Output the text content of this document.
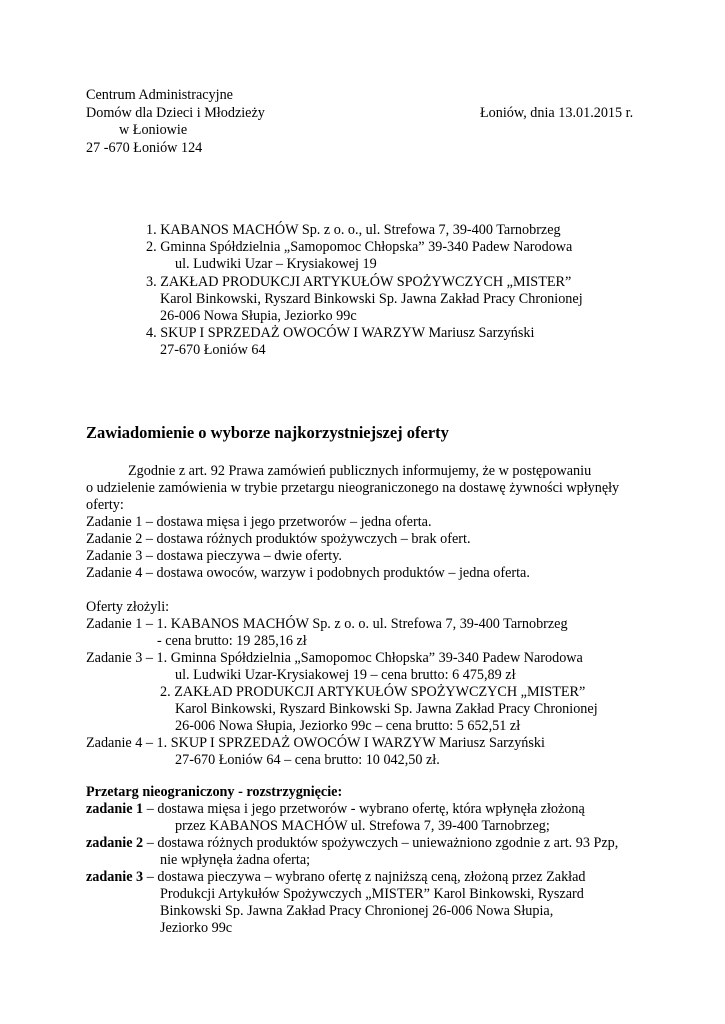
Centrum Administracyjne
Domów dla Dzieci i Młodzieży
w Łoniowie
27 -670 Łoniów 124
Łoniów, dnia 13.01.2015 r.
1. KABANOS MACHÓW Sp. z o. o., ul. Strefowa 7, 39-400 Tarnobrzeg
2. Gminna Spółdzielnia „Samopomoc Chłopska” 39-340 Padew Narodowa
ul. Ludwiki Uzar – Krysiakowej 19
3. ZAKŁAD PRODUKCJI ARTYKUŁÓW SPOŻYWCZYCH „MISTER”
Karol Binkowski, Ryszard Binkowski Sp. Jawna Zakład Pracy Chronionej
26-006 Nowa Słupia, Jeziorko 99c
4. SKUP I SPRZEDAŻ OWOCÓW I WARZYW Mariusz Sarzyński
27-670 Łoniów 64
Zawiadomienie o wyborze najkorzystniejszej oferty
Zgodnie z art. 92 Prawa zamówień publicznych informujemy, że w postępowaniu
o udzielenie zamówienia w trybie przetargu nieograniczonego na dostawę żywności wpłynęły
oferty:
Zadanie 1 – dostawa mięsa i jego przetworów – jedna oferta.
Zadanie 2 – dostawa różnych produktów spożywczych – brak ofert.
Zadanie 3 – dostawa pieczywa – dwie oferty.
Zadanie 4 – dostawa owoców, warzyw i podobnych produktów – jedna oferta.
Oferty złożyli:
Zadanie 1 – 1. KABANOS MACHÓW Sp. z o. o. ul. Strefowa 7, 39-400 Tarnobrzeg
- cena brutto: 19 285,16 zł
Zadanie 3 – 1. Gminna Spółdzielnia „Samopomoc Chłopska” 39-340 Padew Narodowa
ul. Ludwiki Uzar-Krysiakowej 19 – cena brutto: 6 475,89 zł
2. ZAKŁAD PRODUKCJI ARTYKUŁÓW SPOŻYWCZYCH „MISTER”
Karol Binkowski, Ryszard Binkowski Sp. Jawna Zakład Pracy Chronionej
26-006 Nowa Słupia, Jeziorko 99c – cena brutto: 5 652,51 zł
Zadanie 4 – 1. SKUP I SPRZEDAŻ OWOCÓW I WARZYW Mariusz Sarzyński
27-670 Łoniów 64 – cena brutto: 10 042,50 zł.
Przetarg nieograniczony - rozstrzygnięcie:
zadanie 1 – dostawa mięsa i jego przetworów - wybrano ofertę, która wpłynęła złożoną
przez KABANOS MACHÓW ul. Strefowa 7, 39-400 Tarnobrzeg;
zadanie 2 – dostawa różnych produktów spożywczych – unieważniono zgodnie z art. 93 Pzp,
nie wpłynęła żadna oferta;
zadanie 3 – dostawa pieczywa – wybrano ofertę z najniższą ceną, złożoną przez Zakład
Produkcji Artykułów Spożywczych „MISTER” Karol Binkowski, Ryszard
Binkowski Sp. Jawna Zakład Pracy Chronionej 26-006 Nowa Słupia,
Jeziorko 99c
